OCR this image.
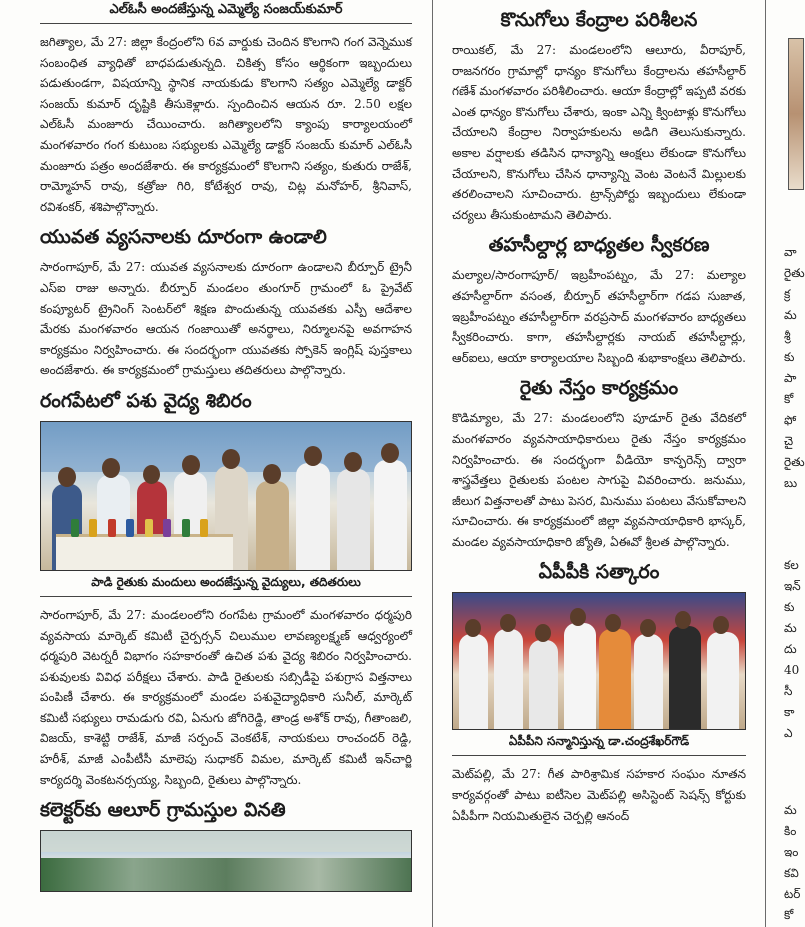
ఎల్ఓసీ అందజేస్తున్న ఎమ్మెల్యే సంజయ్‌కుమార్

జగిత్యాల, మే 27: జిల్లా కేంద్రంలోని 6వ వార్డుకు చెందిన కొలగాని గంగ వెన్నెముక సంబంధిత వ్యాధితో బాధపడుతున్నది. చికిత్స కోసం ఆర్థికంగా ఇబ్బందులు పడుతుండగా, విషయాన్ని స్థానిక నాయకుడు కొలగాని సత్యం ఎమ్మెల్యే డాక్టర్ సంజయ్ కుమార్ దృష్టికి తీసుకెళ్లారు. స్పందించిన ఆయన రూ. 2.50 లక్షల ఎల్ఓసీ మంజూరు చేయించారు. జగిత్యాలలోని క్యాంపు కార్యాలయంలో మంగళవారం గంగ కుటుంబ సభ్యులకు ఎమ్మెల్యే డాక్టర్ సంజయ్ కుమార్ ఎల్ఓసీ మంజూరు పత్రం అందజేశారు. ఈ కార్యక్రమంలో కొలగాని సత్యం, కుతురు రాజేశ్, రామ్మోహన్ రావు, కత్రోజు గిరి, కోటేశ్వర రావు, చిట్ల మనోహర్, శ్రీనివాస్, రవిశంకర్, శశిపాల్గొన్నారు.

యువత వ్యసనాలకు దూరంగా ఉండాలి

సారంగాపూర్, మే 27: యువత వ్యసనాలకు దూరంగా ఉండాలని బీర్పూర్ ట్రైనీ ఎస్ఐ రాజు అన్నారు. బీర్పూర్ మండలం తుంగూర్ గ్రామంలో ఓ ప్రైవేట్ కంప్యూటర్ ట్రైనింగ్ సెంటర్‌లో శిక్షణ పొందుతున్న యువతకు ఎస్పీ ఆదేశాల మేరకు మంగళవారం ఆయన గంజాయితో అనర్థాలు, నిర్మూలనపై అవగాహన కార్యక్రమం నిర్వహించారు. ఈ సందర్భంగా యువతకు స్పోకెన్ ఇంగ్లిష్ పుస్తకాలు అందజేశారు. ఈ కార్యక్రమంలో గ్రామస్తులు తదితరులు పాల్గొన్నారు.

రంగపేటలో పశు వైద్య శిబిరం
పాడి రైతుకు మందులు అందజేస్తున్న వైద్యులు, తదితరులు

సారంగాపూర్, మే 27: మండలంలోని రంగపేట గ్రామంలో మంగళవారం ధర్మపురి వ్యవసాయ మార్కెట్ కమిటీ చైర్పర్సన్ చిలుముల లావణ్యలక్ష్మణ్ ఆధ్వర్యంలో ధర్మపురి వెటర్నరీ విభాగం సహకారంతో ఉచిత పశు వైద్య శిబిరం నిర్వహించారు. పశువులకు వివిధ పరీక్షలు చేశారు. పాడి రైతులకు సబ్సిడీపై పశుగ్రాస విత్తనాలు పంపిణీ చేశారు. ఈ కార్యక్రమంలో మండల పశువైద్యాధికారి సునీల్, మార్కెట్ కమిటీ సభ్యులు రామడుగు రవి, ఏనుగు జోగిరెడ్డి, తాండ్ర అశోక్ రావు, గీతాంజలి, విజయ్, కాశెట్టి రాజేశ్, మాజీ సర్పంచ్ వెంకటేశ్, నాయకులు రాంచందర్ రెడ్డి, హరీశ్, మాజీ ఎంపీటీసీ మాలెపు సుధాకర్ విమల, మార్కెట్ కమిటీ ఇన్‌చార్జి కార్యదర్శి వెంకటనర్సయ్య, సిబ్బంది, రైతులు పాల్గొన్నారు.

కలెక్టర్‌కు ఆలూర్ గ్రామస్తుల వినతి
కొనుగోలు కేంద్రాల పరిశీలన

రాయికల్, మే 27: మండలంలోని ఆలూరు, వీరాపూర్, రాజనగరం గ్రామాల్లో ధాన్యం కొనుగోలు కేంద్రాలను తహసీల్దార్ గణేశ్ మంగళవారం పరిశీలించారు. ఆయా కేంద్రాల్లో ఇప్పటి వరకు ఎంత ధాన్యం కొనుగోలు చేశారు, ఇంకా ఎన్ని క్వింటాళ్లు కొనుగోలు చేయాలని కేంద్రాల నిర్వాహకులను అడిగి తెలుసుకున్నారు. అకాల వర్షాలకు తడిసిన ధాన్యాన్ని ఆంక్షలు లేకుండా కొనుగోలు చేయాలని, కొనుగోలు చేసిన ధాన్యాన్ని వెంట వెంటనే మిల్లులకు తరలించాలని సూచించారు. ట్రాన్స్‌పోర్టు ఇబ్బందులు లేకుండా చర్యలు తీసుకుంటామని తెలిపారు.

తహసీల్దార్ల బాధ్యతల స్వీకరణ

మల్యాల/సారంగాపూర్/ ఇబ్రహీంపట్నం, మే 27: మల్యాల తహసీల్దార్‌గా వసంత, బీర్పూర్ తహసీల్దార్‌గా గడప సుజాత, ఇబ్రహీంపట్నం తహసీల్దార్‌గా వరప్రసాద్ మంగళవారం బాధ్యతలు స్వీకరించారు. కాగా, తహసీల్దార్లకు నాయబ్ తహసీల్దార్లు, ఆర్ఐలు, ఆయా కార్యాలయాల సిబ్బంది శుభాకాంక్షలు తెలిపారు.

రైతు నేస్తం కార్యక్రమం

కొడిమ్యాల, మే 27: మండలంలోని పూడూర్ రైతు వేదికలో మంగళవారం వ్యవసాయాధికారులు రైతు నేస్తం కార్యక్రమం నిర్వహించారు. ఈ సందర్భంగా వీడియో కాన్ఫరెన్స్ ద్వారా శాస్త్రవేత్తలు రైతులకు పంటల సాగుపై వివరించారు. జనుము, జీలుగ విత్తనాలతో పాటు పెసర, మినుము పంటలు వేసుకోవాలని సూచించారు. ఈ కార్యక్రమంలో జిల్లా వ్యవసాయాధికారి భాస్కర్, మండల వ్యవసాయాధికారి జ్యోతి, ఏఈవో శ్రీలత పాల్గొన్నారు.

ఏపీపీకి సత్కారం
ఏపీపీని సన్మానిస్తున్న డా.చంద్రశేఖర్‌గౌడ్

మెట్‌పల్లి, మే 27: గీత పారిశ్రామిక సహకార సంఘం నూతన కార్యవర్గంతో పాటు ఐటీసెల మెట్‌పల్లి అసిస్టెంట్ సెషన్స్ కోర్టుకు ఏపీపీగా నియమితులైన చెర్పల్లి ఆనంద్

వా
రైతు
క్ర
మ
శ్రీ
కు
పా
కో
ఫో
చై
రైతు
బు
కల
ఇన్
కు
మ
దు
40
సీ
కా
ఎ
మ
కిం
ఇం
కవి
టర్
కో
